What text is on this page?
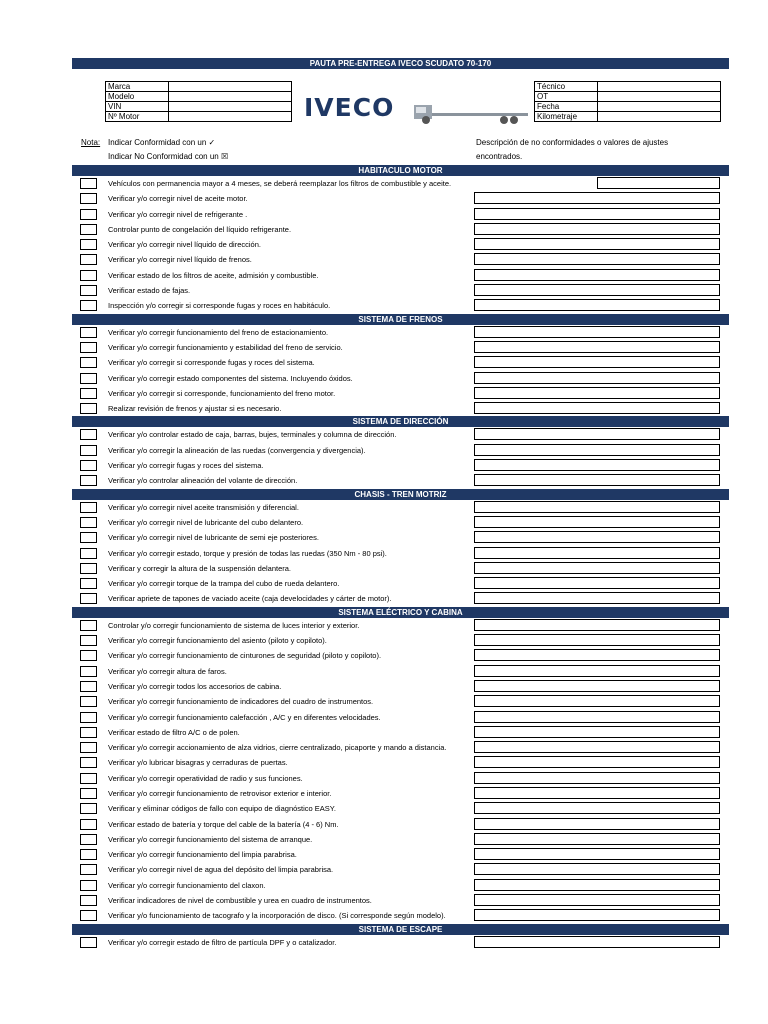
PAUTA PRE-ENTREGA IVECO SCUDATO 70-170
Marca	
Modelo	
VIN	
Nº Motor		IVECO
Técnico	
OT	
Fecha	
Kilometraje	
Nota: Indicar Conformidad con un ✓
Indicar No Conformidad con un ☒
Descripción de no conformidades o valores de ajustes
encontrados.
HABITACULO MOTOR
Vehículos con permanencia mayor a 4 meses, se deberá reemplazar los filtros de combustible y aceite.
Verificar y/o corregir nivel de aceite motor.
Verificar y/o corregir nivel de refrigerante .
Controlar punto de congelación del líquido refrigerante.
Verificar y/o corregir nivel líquido de dirección.
Verificar y/o corregir nivel líquido de frenos.
Verificar estado de los filtros de aceite, admisión y combustible.
Verificar estado de fajas.
Inspección y/o corregir si corresponde fugas y roces en habitáculo.
SISTEMA DE FRENOS
Verificar y/o corregir funcionamiento del freno de estacionamiento.
Verificar y/o corregir funcionamiento y estabilidad del freno de servicio.
Verificar y/o corregir si corresponde fugas y roces del sistema.
Verificar y/o corregir estado componentes del sistema. Incluyendo óxidos.
Verificar y/o corregir si corresponde, funcionamiento del freno motor.
Realizar revisión de frenos y ajustar si es necesario.
SISTEMA DE DIRECCIÓN
Verificar y/o controlar estado de caja, barras, bujes, terminales y columna de dirección.
Verificar y/o corregir la alineación de las ruedas (convergencia y divergencia).
Verificar y/o corregir fugas y roces del sistema.
Verificar y/o controlar alineación del volante de dirección.
CHASIS - TREN MOTRIZ
Verificar y/o corregir nivel aceite transmisión y diferencial.
Verificar y/o corregir nivel de lubricante del cubo delantero.
Verificar y/o corregir nivel de lubricante de semi eje posteriores.
Verificar y/o corregir estado, torque y presión de todas las ruedas (350 Nm - 80 psi).
Verificar y corregir la altura de la suspensión delantera.
Verificar y/o corregir torque de la trampa del cubo de rueda delantero.
Verificar apriete de tapones de vaciado aceite (caja develocidades y cárter de motor).
SISTEMA ELÉCTRICO Y CABINA
Controlar y/o corregir funcionamiento de sistema de luces interior y exterior.
Verificar y/o corregir funcionamiento del asiento (piloto y copiloto).
Verificar y/o corregir funcionamiento de cinturones de seguridad (piloto y copiloto).
Verificar y/o corregir altura de faros.
Verificar y/o corregir todos los accesorios de cabina.
Verificar y/o corregir funcionamiento de indicadores del cuadro de instrumentos.
Verificar y/o corregir funcionamiento calefacción , A/C y en diferentes velocidades.
Verificar estado de filtro A/C o de polen.
Verificar y/o corregir accionamiento de alza vidrios, cierre centralizado, picaporte y mando a distancia.
Verificar y/o lubricar bisagras y cerraduras de puertas.
Verificar y/o corregir operatividad de radio y sus funciones.
Verificar y/o corregir funcionamiento de retrovisor exterior e interior.
Verificar y eliminar códigos de fallo con equipo de diagnóstico EASY.
Verificar estado de batería y torque del cable de la batería (4 - 6) Nm.
Verificar y/o corregir funcionamiento del sistema de arranque.
Verificar y/o corregir funcionamiento del limpia parabrisa.
Verificar y/o corregir nivel de agua del depósito del limpia parabrisa.
Verificar y/o corregir funcionamiento del claxon.
Verificar indicadores de nivel de combustible y urea en cuadro de instrumentos.
Verificar y/o funcionamiento de tacografo y la incorporación de disco. (Si corresponde según modelo).
SISTEMA DE ESCAPE
Verificar y/o corregir estado de filtro de partícula DPF y o catalizador.
